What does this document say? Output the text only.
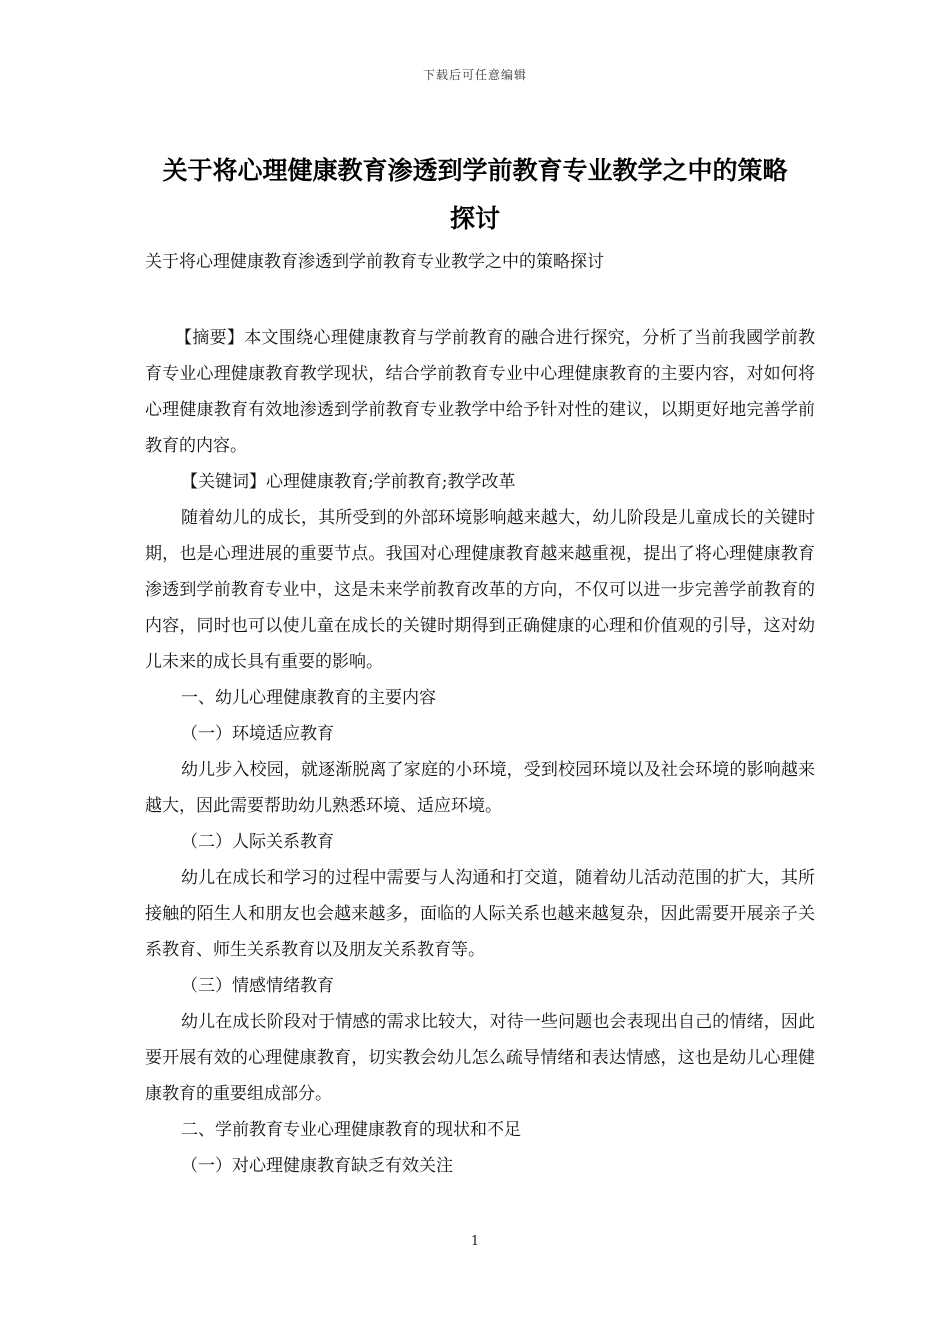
下载后可任意编辑
关于将心理健康教育渗透到学前教育专业教学之中的策略
探讨
关于将心理健康教育渗透到学前教育专业教学之中的策略探讨

【摘要】本文围绕心理健康教育与学前教育的融合进行探究，分析了当前我國学前教育专业心理健康教育教学现状，结合学前教育专业中心理健康教育的主要内容，对如何将心理健康教育有效地渗透到学前教育专业教学中给予针对性的建议，以期更好地完善学前教育的内容。

【关键词】心理健康教育;学前教育;教学改革

随着幼儿的成长，其所受到的外部环境影响越来越大，幼儿阶段是儿童成长的关键时期，也是心理进展的重要节点。我国对心理健康教育越来越重视，提出了将心理健康教育渗透到学前教育专业中，这是未来学前教育改革的方向，不仅可以进一步完善学前教育的内容，同时也可以使儿童在成长的关键时期得到正确健康的心理和价值观的引导，这对幼儿未来的成长具有重要的影响。

一、幼儿心理健康教育的主要内容

（一）环境适应教育

幼儿步入校园，就逐渐脱离了家庭的小环境，受到校园环境以及社会环境的影响越来越大，因此需要帮助幼儿熟悉环境、适应环境。

（二）人际关系教育

幼儿在成长和学习的过程中需要与人沟通和打交道，随着幼儿活动范围的扩大，其所接触的陌生人和朋友也会越来越多，面临的人际关系也越来越复杂，因此需要开展亲子关系教育、师生关系教育以及朋友关系教育等。

（三）情感情绪教育

幼儿在成长阶段对于情感的需求比较大，对待一些问题也会表现出自己的情绪，因此要开展有效的心理健康教育，切实教会幼儿怎么疏导情绪和表达情感，这也是幼儿心理健康教育的重要组成部分。

二、学前教育专业心理健康教育的现状和不足

（一）对心理健康教育缺乏有效关注

1
